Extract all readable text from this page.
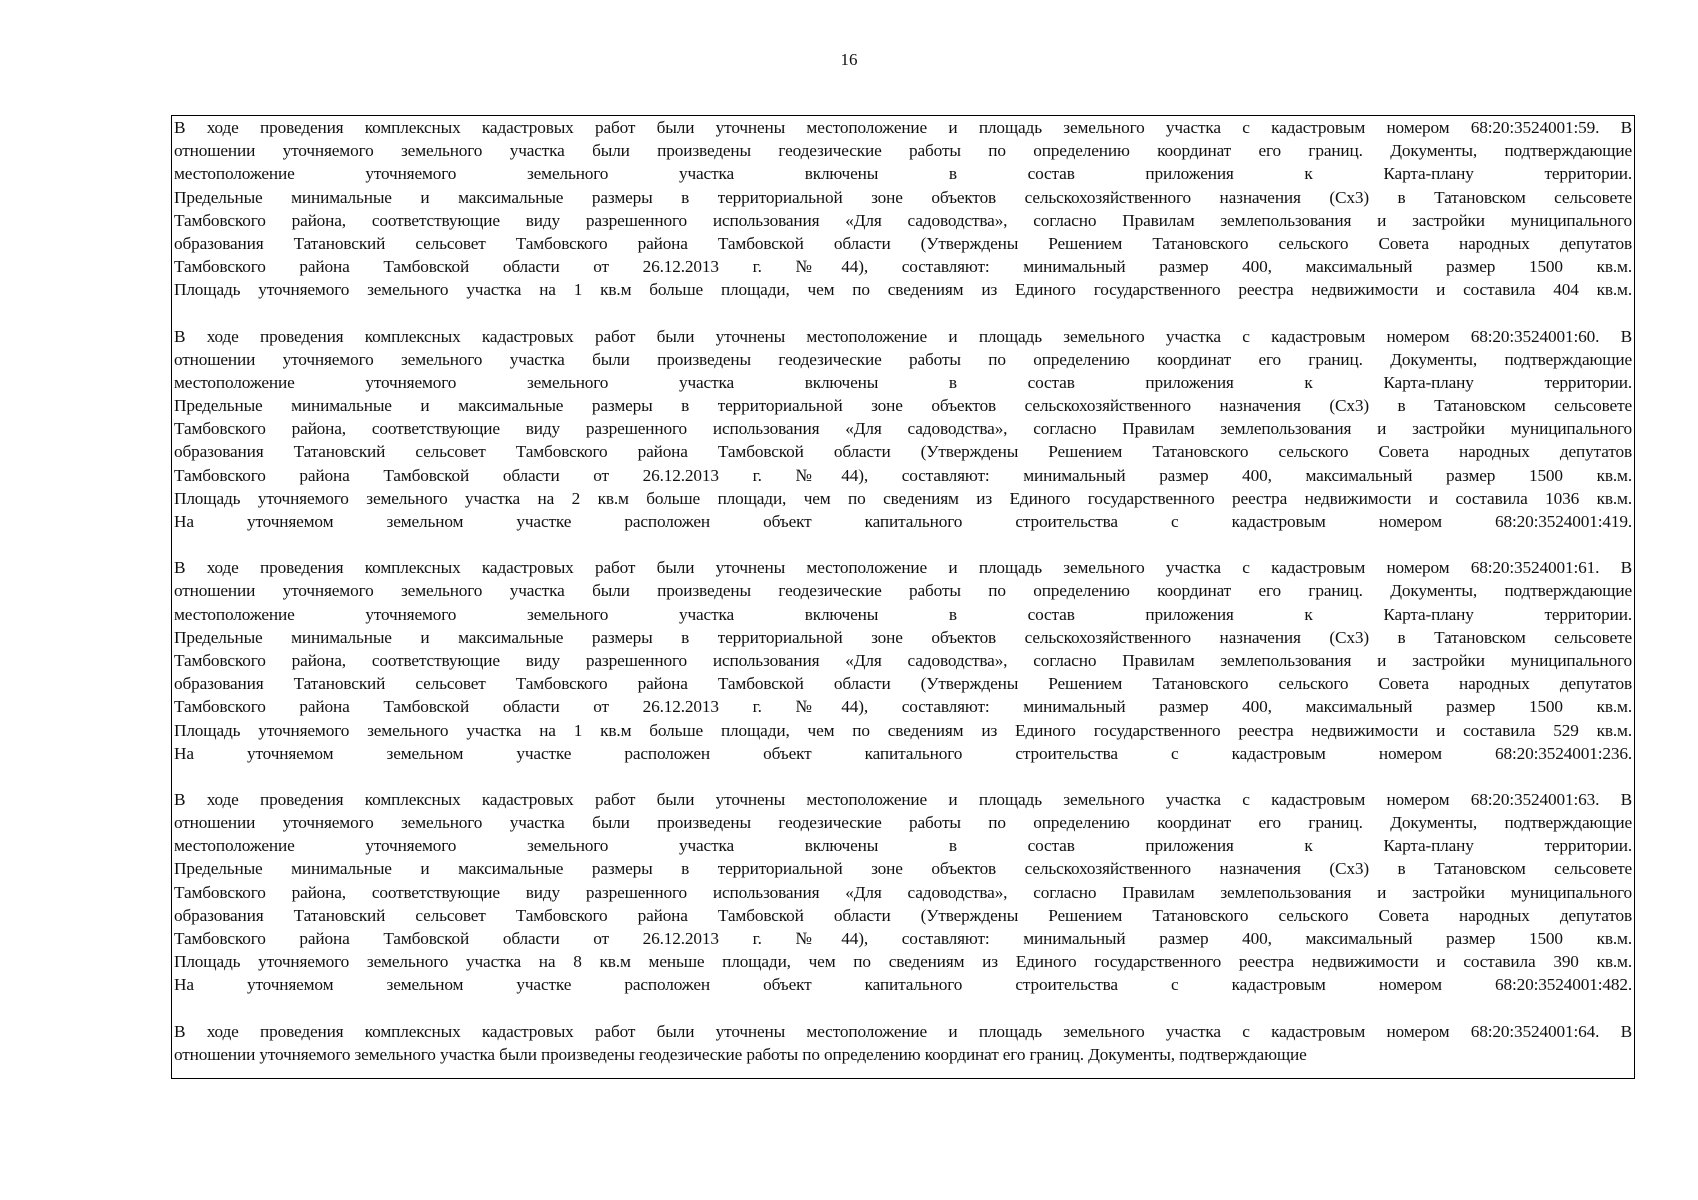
16
В ходе проведения комплексных кадастровых работ были уточнены местоположение и площадь земельного участка с кадастровым номером 68:20:3524001:59. В
отношении уточняемого земельного участка были произведены геодезические работы по определению координат его границ. Документы, подтверждающие
местоположение уточняемого земельного участка включены в состав приложения к Карта-плану территории.
Предельные минимальные и максимальные размеры в территориальной зоне объектов сельскохозяйственного назначения (Сх3) в Татановском сельсовете
Тамбовского района, соответствующие виду разрешенного использования «Для садоводства», согласно Правилам землепользования и застройки муниципального
образования Татановский сельсовет Тамбовского района Тамбовской области (Утверждены Решением Татановского сельского Совета народных депутатов
Тамбовского района Тамбовской области от 26.12.2013 г. №44), составляют: минимальный размер 400, максимальный размер 1500 кв.м.
Площадь уточняемого земельного участка на 1 кв.м больше площади, чем по сведениям из Единого государственного реестра недвижимости и составила 404 кв.м.
В ходе проведения комплексных кадастровых работ были уточнены местоположение и площадь земельного участка с кадастровым номером 68:20:3524001:60. В
отношении уточняемого земельного участка были произведены геодезические работы по определению координат его границ. Документы, подтверждающие
местоположение уточняемого земельного участка включены в состав приложения к Карта-плану территории.
Предельные минимальные и максимальные размеры в территориальной зоне объектов сельскохозяйственного назначения (Сх3) в Татановском сельсовете
Тамбовского района, соответствующие виду разрешенного использования «Для садоводства», согласно Правилам землепользования и застройки муниципального
образования Татановский сельсовет Тамбовского района Тамбовской области (Утверждены Решением Татановского сельского Совета народных депутатов
Тамбовского района Тамбовской области от 26.12.2013 г. №44), составляют: минимальный размер 400, максимальный размер 1500 кв.м.
Площадь уточняемого земельного участка на 2 кв.м больше площади, чем по сведениям из Единого государственного реестра недвижимости и составила 1036 кв.м.
На уточняемом земельном участке расположен объект капитального строительства с кадастровым номером 68:20:3524001:419.
В ходе проведения комплексных кадастровых работ были уточнены местоположение и площадь земельного участка с кадастровым номером 68:20:3524001:61. В
отношении уточняемого земельного участка были произведены геодезические работы по определению координат его границ. Документы, подтверждающие
местоположение уточняемого земельного участка включены в состав приложения к Карта-плану территории.
Предельные минимальные и максимальные размеры в территориальной зоне объектов сельскохозяйственного назначения (Сх3) в Татановском сельсовете
Тамбовского района, соответствующие виду разрешенного использования «Для садоводства», согласно Правилам землепользования и застройки муниципального
образования Татановский сельсовет Тамбовского района Тамбовской области (Утверждены Решением Татановского сельского Совета народных депутатов
Тамбовского района Тамбовской области от 26.12.2013 г. №44), составляют: минимальный размер 400, максимальный размер 1500 кв.м.
Площадь уточняемого земельного участка на 1 кв.м больше площади, чем по сведениям из Единого государственного реестра недвижимости и составила 529 кв.м.
На уточняемом земельном участке расположен объект капитального строительства с кадастровым номером 68:20:3524001:236.
В ходе проведения комплексных кадастровых работ были уточнены местоположение и площадь земельного участка с кадастровым номером 68:20:3524001:63. В
отношении уточняемого земельного участка были произведены геодезические работы по определению координат его границ. Документы, подтверждающие
местоположение уточняемого земельного участка включены в состав приложения к Карта-плану территории.
Предельные минимальные и максимальные размеры в территориальной зоне объектов сельскохозяйственного назначения (Сх3) в Татановском сельсовете
Тамбовского района, соответствующие виду разрешенного использования «Для садоводства», согласно Правилам землепользования и застройки муниципального
образования Татановский сельсовет Тамбовского района Тамбовской области (Утверждены Решением Татановского сельского Совета народных депутатов
Тамбовского района Тамбовской области от 26.12.2013 г. №44), составляют: минимальный размер 400, максимальный размер 1500 кв.м.
Площадь уточняемого земельного участка на 8 кв.м меньше площади, чем по сведениям из Единого государственного реестра недвижимости и составила 390 кв.м.
На уточняемом земельном участке расположен объект капитального строительства с кадастровым номером 68:20:3524001:482.
В ходе проведения комплексных кадастровых работ были уточнены местоположение и площадь земельного участка с кадастровым номером 68:20:3524001:64. В
отношении уточняемого земельного участка были произведены геодезические работы по определению координат его границ. Документы, подтверждающие
